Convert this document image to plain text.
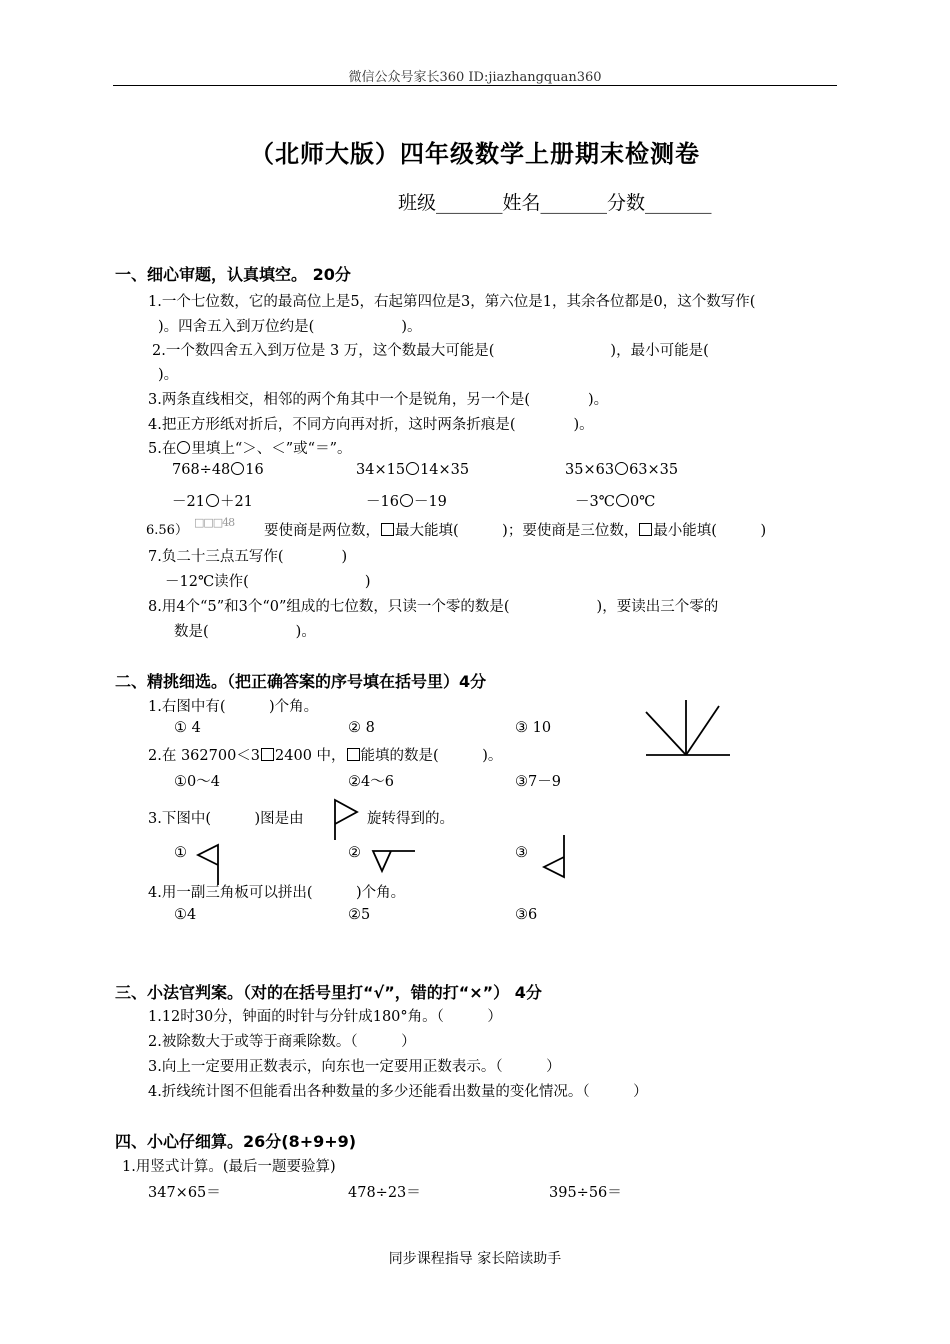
微信公众号家长360 ID:jiazhangquan360
（北师大版）四年级数学上册期末检测卷
班级_______姓名_______分数_______
一、细心审题，认真填空。 20分
1.一个七位数，它的最高位上是5，右起第四位是3，第六位是1，其余各位都是0，这个数写作(
)。四舍五入到万位约是(　　　　　　)。
2.一个数四舍五入到万位是 3 万，这个数最大可能是(　　　　　　　　)，最小可能是(
)。
3.两条直线相交，相邻的两个角其中一个是锐角，另一个是(　　　　)。
4.把正方形纸对折后，不同方向再对折，这时两条折痕是(　　　　)。
5.在 里填上“＞、＜”或“＝”。
768÷48 16	34×15 14×35	35×63 63×35
－21 ＋21	－16 －19	－3℃ 0℃
6.56）
□□□48
要使商是两位数， 最大能填(　　　)；要使商是三位数， 最小能填(　　　)
7.负二十三点五写作(　　　　)
－12℃读作(　　　　　　　　)
8.用4个“5”和3个“0”组成的七位数，只读一个零的数是(　　　　　　)，要读出三个零的
数是(　　　　　　)。
二、精挑细选。（把正确答案的序号填在括号里）4分
1.右图中有(　　　)个角。
① 4	② 8	③ 10
2.在 362700＜3 2400 中， 能填的数是(　　　)。
①0～4	②4～6	③7－9
3.下图中(　　　)图是由	旋转得到的。
①	②	③
4.用一副三角板可以拼出(　　　)个角。
①4	②5	③6
三、小法官判案。（对的在括号里打“√”，错的打“×”） 4分
1.12时30分，钟面的时针与分针成180°角。（　　　）
2.被除数大于或等于商乘除数。（　　　）
3.向上一定要用正数表示，向东也一定要用正数表示。（　　　）
4.折线统计图不但能看出各种数量的多少还能看出数量的变化情况。（　　　）
四、小心仔细算。26分(8+9+9)
1.用竖式计算。(最后一题要验算)
347×65＝	478÷23＝	395÷56＝
同步课程指导 家长陪读助手
